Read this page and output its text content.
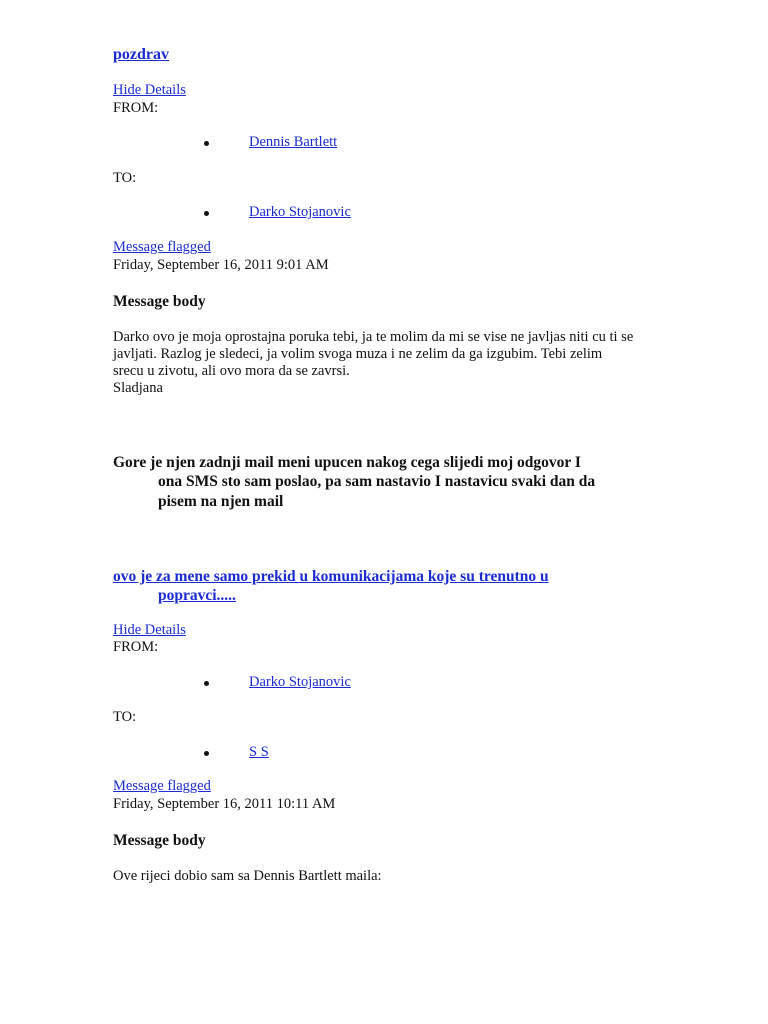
pozdrav
Hide Details
FROM:
Dennis Bartlett
TO:
Darko Stojanovic
Message flagged
Friday, September 16, 2011 9:01 AM
Message body
Darko ovo je moja oprostajna poruka tebi, ja te molim da mi se vise ne javljas niti cu ti se
javljati. Razlog je sledeci, ja volim svoga muza i ne zelim da ga izgubim. Tebi zelim
srecu u zivotu, ali ovo mora da se zavrsi.
Sladjana
Gore je njen zadnji mail meni upucen nakog cega slijedi moj odgovor I
ona SMS sto sam poslao, pa sam nastavio I nastavicu svaki dan da
pisem na njen mail
ovo je za mene samo prekid u komunikacijama koje su trenutno u
popravci.....
Hide Details
FROM:
Darko Stojanovic
TO:
S S
Message flagged
Friday, September 16, 2011 10:11 AM
Message body
Ove rijeci dobio sam sa Dennis Bartlett maila:
